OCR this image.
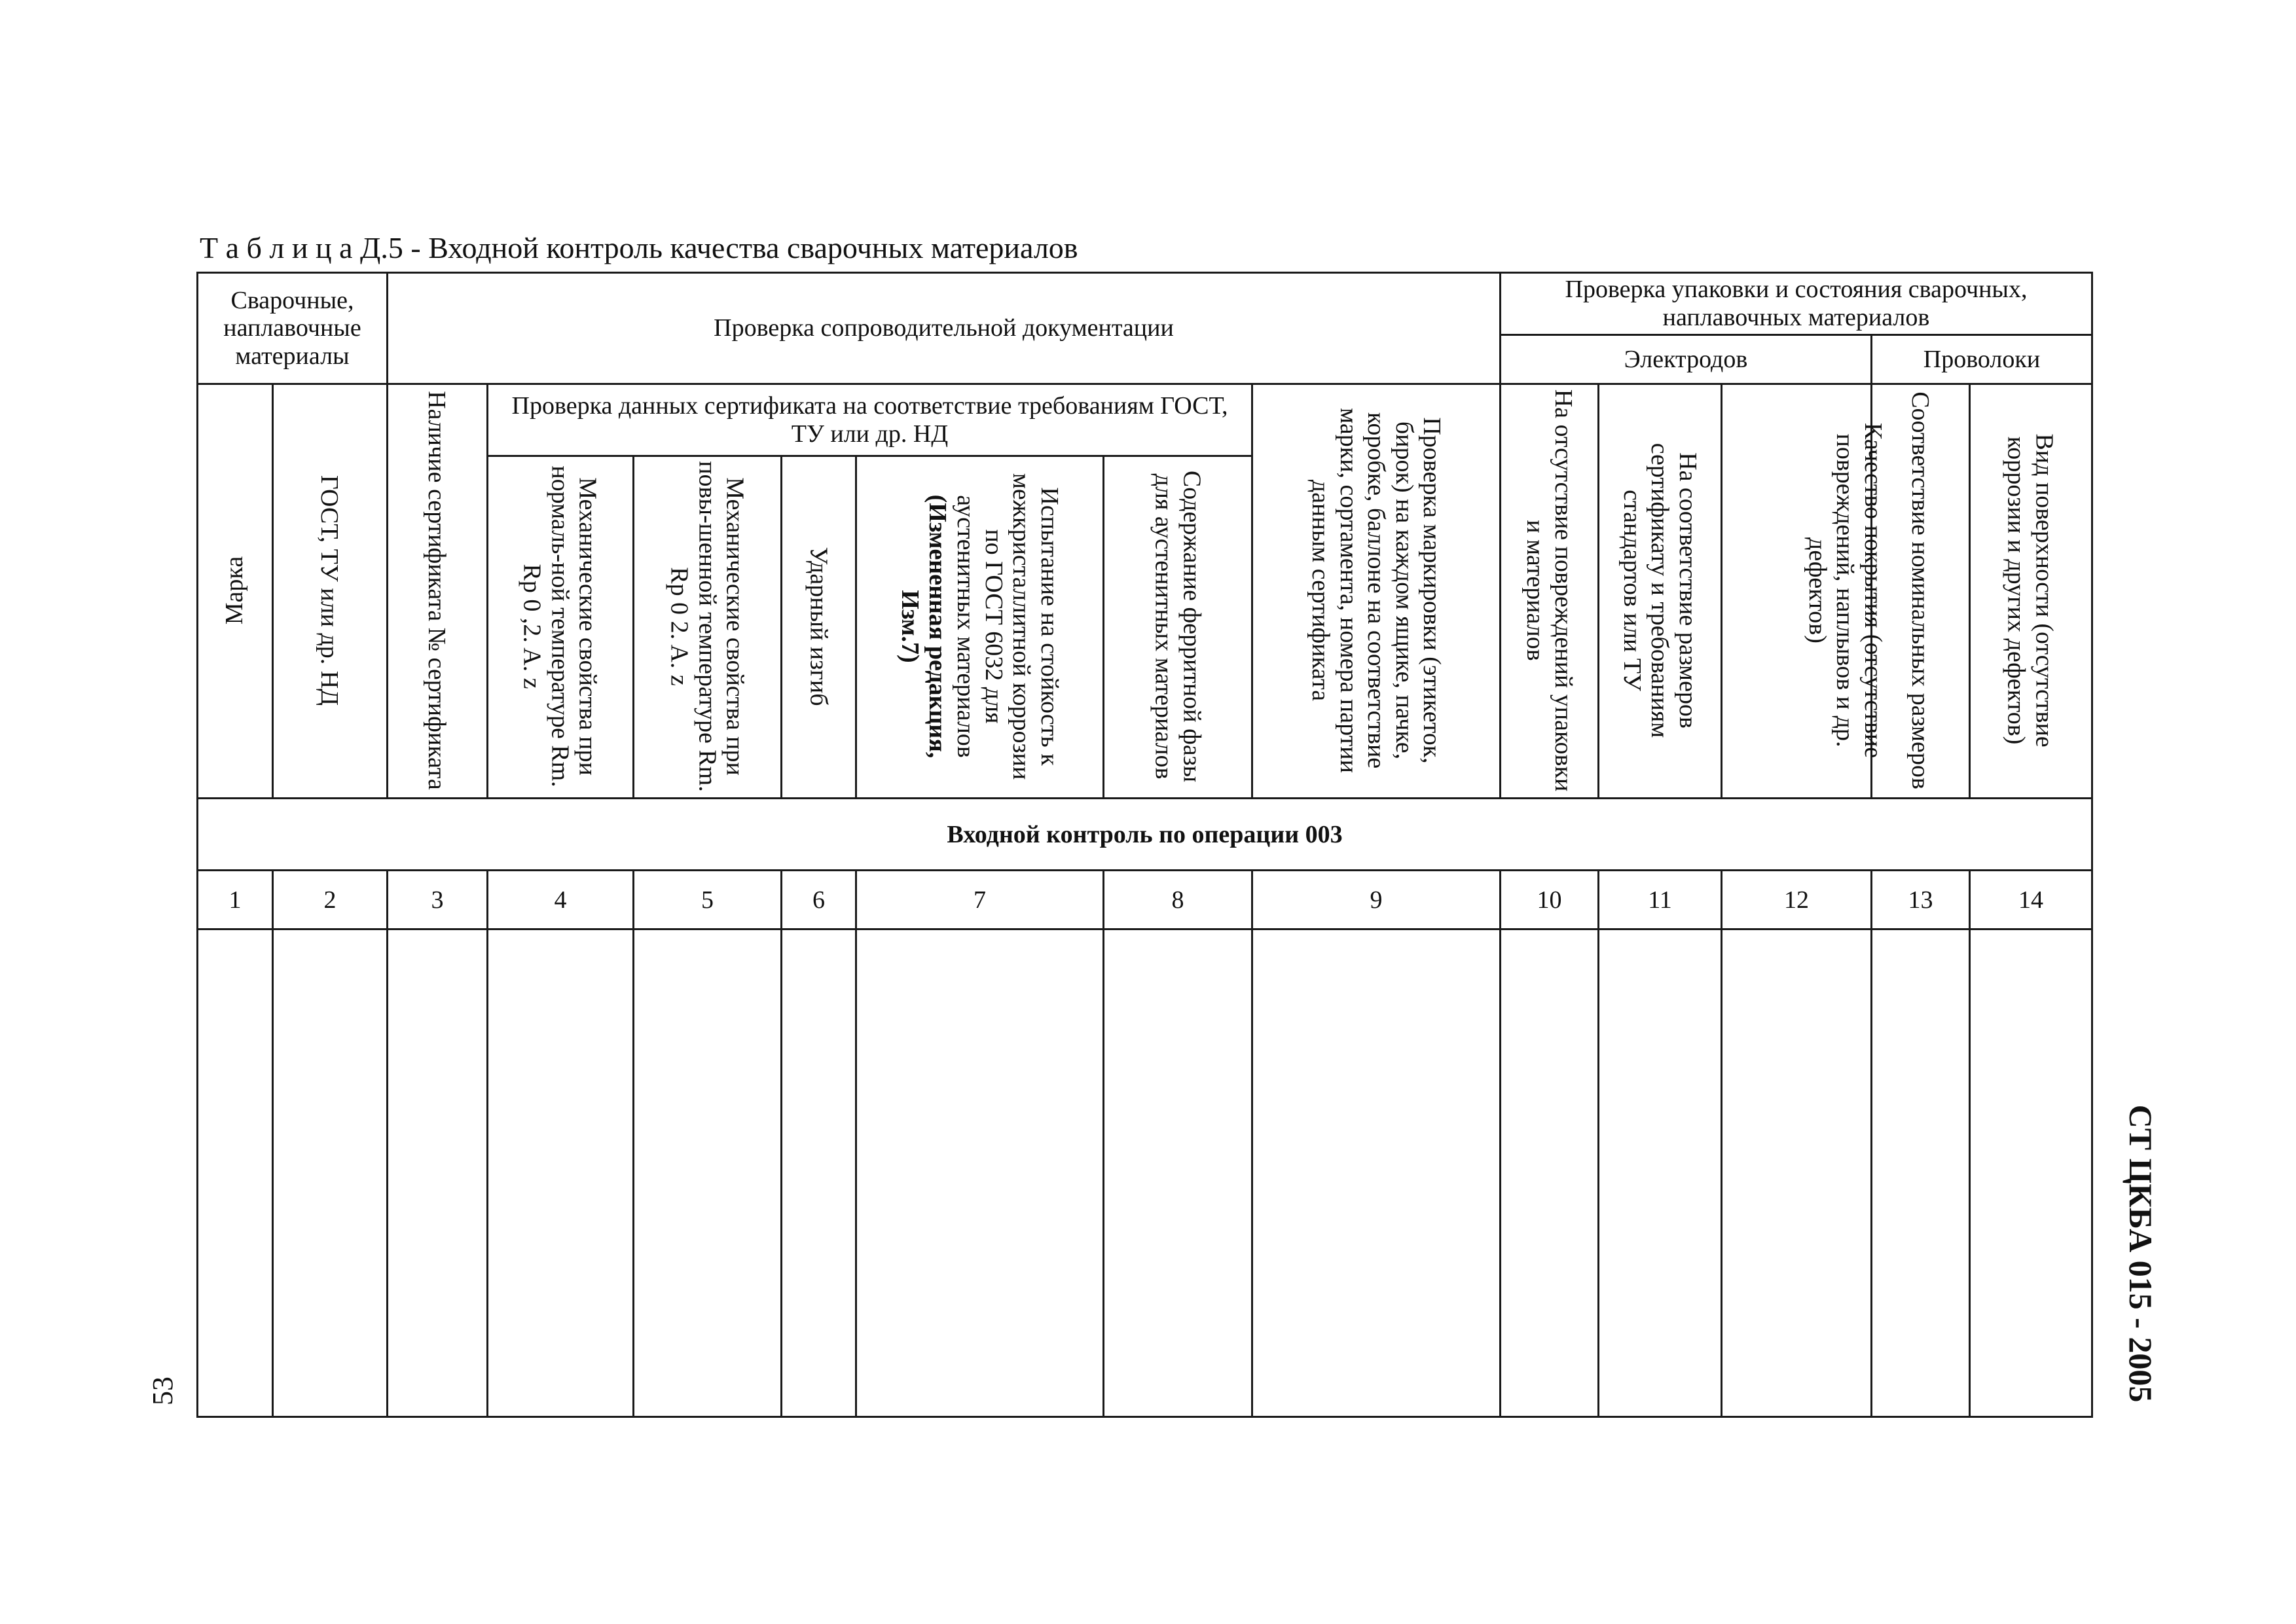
Т а б л и ц а Д.5 - Входной контроль качества сварочных материалов
Сварочные, наплавочные материалы
Проверка сопроводительной документации
Проверка упаковки и состояния сварочных, наплавочных материалов
Электродов	Проволоки
Проверка данных сертификата на соответствие требованиям ГОСТ, ТУ или др. НД
Марка	ГОСТ, ТУ или др. НД	Наличие сертификата № сертификата	Механические свойства при нормаль-ной температуре Rm. Rp 0 ,2. A. z	Механические свойства при повы-шенной температуре Rm. Rp 0 2. A. z	Ударный изгиб	Испытание на стойкость к межкристаллитной коррозии по ГОСТ 6032 для аустенитных материалов (Измененная редакция, Изм.7)	Содержание ферритной фазы для аустенитных материалов	Проверка маркировки (этикеток, бирок) на каждом ящике, пачке, коробке, баллоне на соответствие марки, сортамента, номера партии данным сертификата	На отсутствие повреждений упаковки и материалов	На соответствие размеров сертификату и требованиям стандартов или ТУ	Качество покрытия (отсутствие повреждений, наплывов и др. дефектов)	Соответствие номинальных размеров	Вид поверхности (отсутствие коррозии и других дефектов)
Входной контроль по операции 003
1	2	3	4	5	6	7	8	9	10	11	12	13	14
СТ ЦКБА 015 - 2005
53
